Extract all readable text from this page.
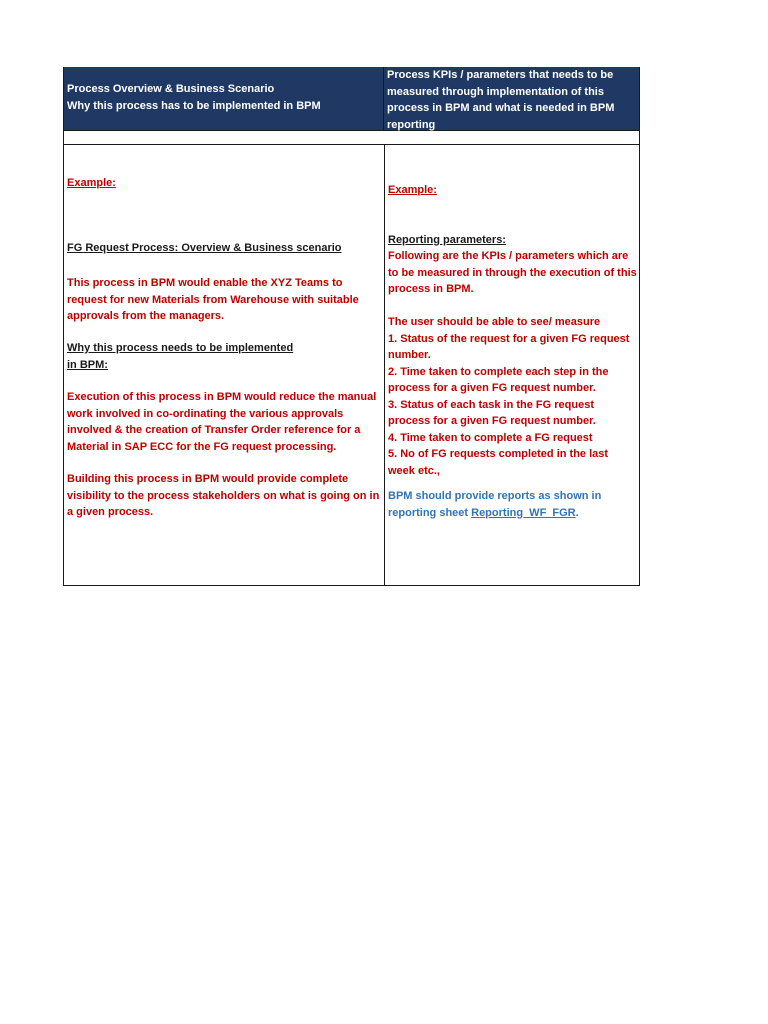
Process Overview & Business Scenario
Why this process has to be implemented in BPM
Process KPIs / parameters that needs to be measured through implementation of this process in BPM and what is needed in BPM reporting

Example:

FG Request Process: Overview & Business scenario

This process in BPM would enable the XYZ Teams to request for new Materials from Warehouse with suitable approvals from the managers.

Why this process needs to be implemented
in BPM:

Execution of this process in BPM would reduce the manual work involved in co-ordinating the various approvals involved & the creation of Transfer Order reference for a Material in SAP ECC for the FG request processing.

Building this process in BPM would provide complete visibility to the process stakeholders on what is going on in a given process.

Example:

Reporting parameters:

Following are the KPIs / parameters which are to be measured in through the execution of this process in BPM.

The user should be able to see/ measure
1. Status of the request for a given FG request number.
2. Time taken to complete each step in the process for a given FG request number.
3. Status of each task in the FG request process for a given FG request number.
4. Time taken to complete a FG request
5. No of FG requests completed in the last week etc.,

BPM should provide reports as shown in reporting sheet Reporting_WF_FGR.
